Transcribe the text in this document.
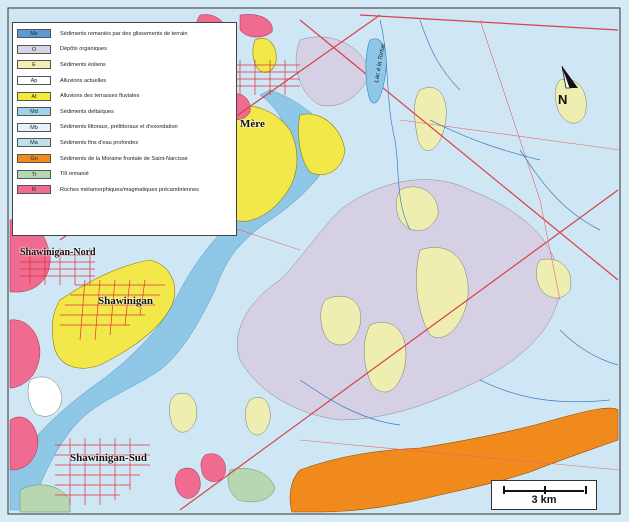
Mx	Sédiments remaniés par des glissements de terrain
O	Dépôts organiques
E	Sédiments éoliens
Ap	Alluvions actuelles
At	Alluvions des terrasses fluviales
Md	Sédiments deltaïques
Mb	Sédiments littoraux, prélittoraux et d'exondation
Ma	Sédiments fins d'eau profondes
Gn	Sédiments de la Moraine frontale de Saint-Narcisse
Tr	Till remanié
R	Roches métamorphiques/magmatiques précambriennes
Shawinigan-Nord
Shawinigan
Shawinigan-Sud
Mère
Lac à la Tortue
N
3 km
